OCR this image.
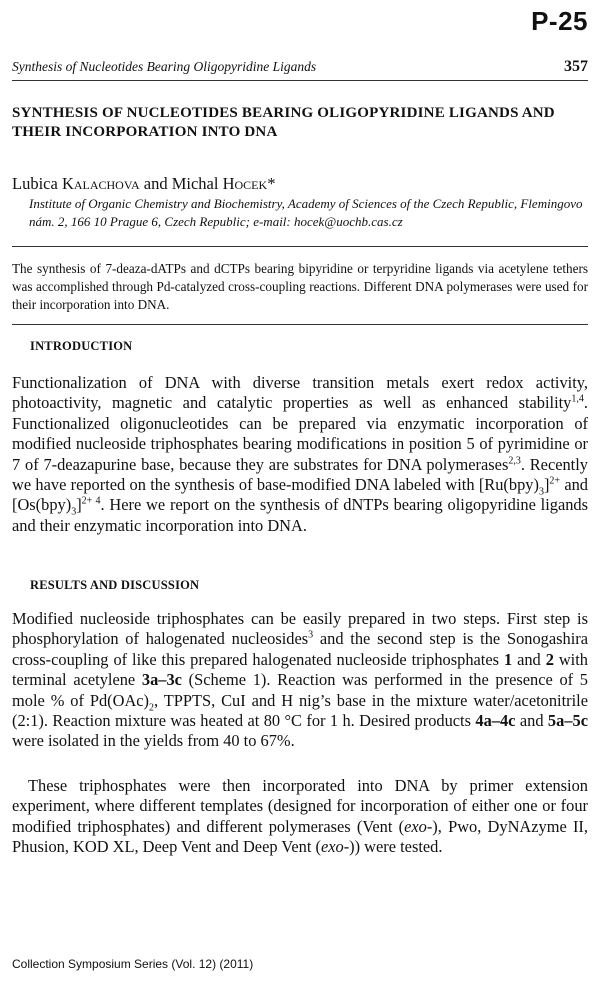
P-25
Synthesis of Nucleotides Bearing Oligopyridine Ligands	357
SYNTHESIS OF NUCLEOTIDES BEARING OLIGOPYRIDINE LIGANDS AND THEIR INCORPORATION INTO DNA
Lubica Kalachova and Michal Hocek*
Institute of Organic Chemistry and Biochemistry, Academy of Sciences of the Czech Republic, Flemingovo nám. 2, 166 10 Prague 6, Czech Republic; e-mail: hocek@uochb.cas.cz
The synthesis of 7-deaza-dATPs and dCTPs bearing bipyridine or terpyridine ligands via acetylene tethers was accomplished through Pd-catalyzed cross-coupling reactions. Different DNA polymerases were used for their incorporation into DNA.
INTRODUCTION
Functionalization of DNA with diverse transition metals exert redox activity, photoactivity, magnetic and catalytic properties as well as enhanced stability$^{1,4}$. Functionalized oligonucleotides can be prepared via enzymatic incorporation of modified nucleoside triphosphates bearing modifications in position 5 of pyrimidine or 7 of 7-deazapurine base, because they are substrates for DNA polymerases$^{2,3}$. Recently we have reported on the synthesis of base-modified DNA labeled with $[Ru(bpy)_3]^{2+}$ and $[Os(bpy)_3]^{2+ 4}$. Here we report on the synthesis of dNTPs bearing oligopyridine ligands and their enzymatic incorporation into DNA.
RESULTS AND DISCUSSION
Modified nucleoside triphosphates can be easily prepared in two steps. First step is phosphorylation of halogenated nucleosides$^3$ and the second step is the Sonogashira cross-coupling of like this prepared halogenated nucleoside triphosphates 1 and 2 with terminal acetylene 3a–3c (Scheme 1). Reaction was performed in the presence of 5 mole % of $Pd(OAc)_2$, TPPTS, CuI and H nig’s base in the mixture water/acetonitrile (2:1). Reaction mixture was heated at 80 °C for 1 h. Desired products 4a–4c and 5a–5c were isolated in the yields from 40 to 67%.
These triphosphates were then incorporated into DNA by primer extension experiment, where different templates (designed for incorporation of either one or four modified triphosphates) and different polymerases (Vent (exo-), Pwo, DyNAzyme II, Phusion, KOD XL, Deep Vent and Deep Vent (exo-)) were tested.
Collection Symposium Series (Vol. 12) (2011)
